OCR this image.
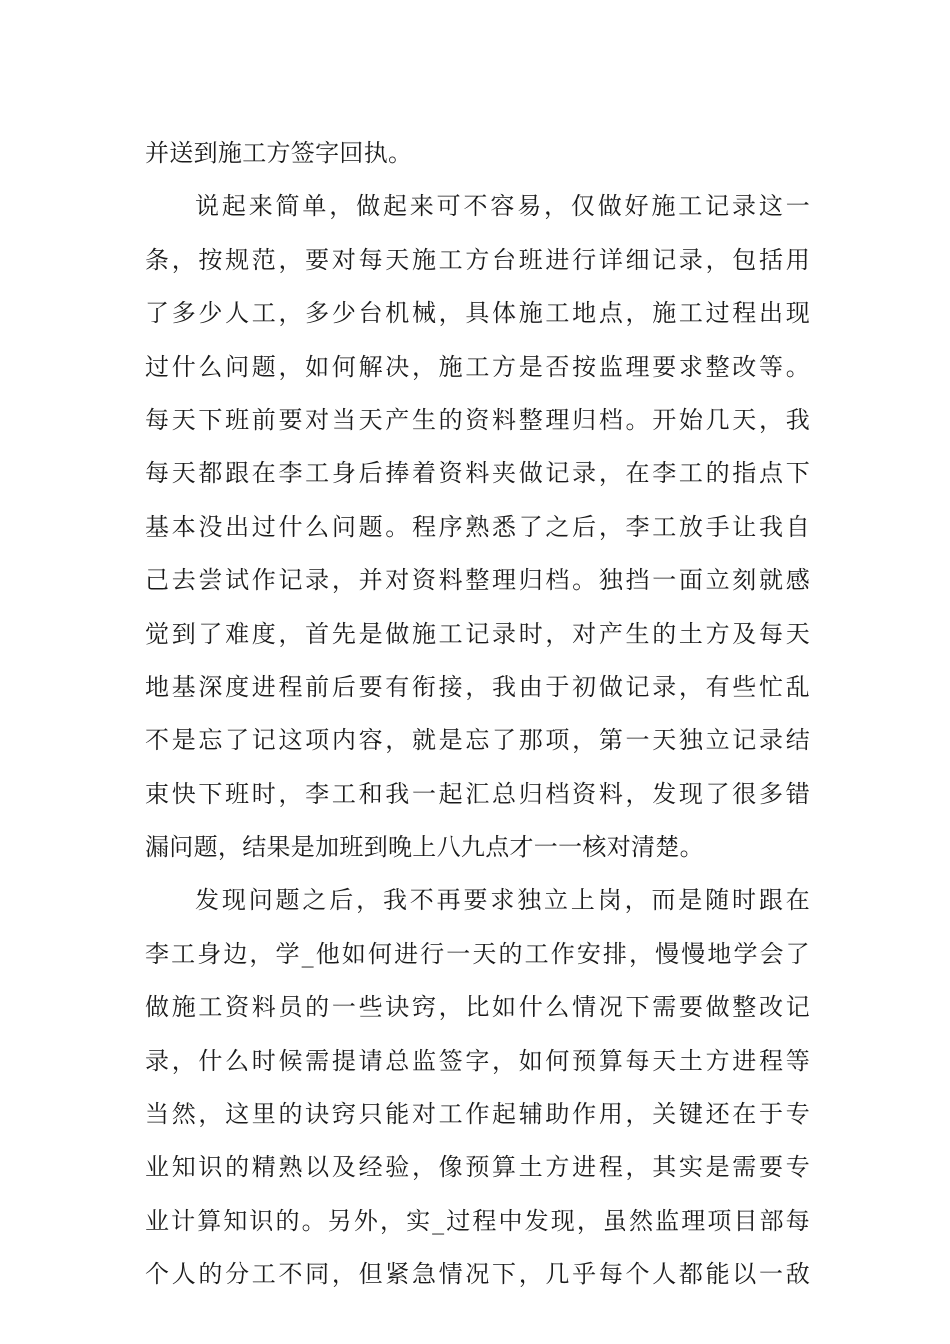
并送到施工方签字回执。
说起来简单，做起来可不容易，仅做好施工记录这一
条，按规范，要对每天施工方台班进行详细记录，包括用
了多少人工，多少台机械，具体施工地点，施工过程出现
过什么问题，如何解决，施工方是否按监理要求整改等。
每天下班前要对当天产生的资料整理归档。开始几天，我
每天都跟在李工身后捧着资料夹做记录，在李工的指点下
基本没出过什么问题。程序熟悉了之后，李工放手让我自
己去尝试作记录，并对资料整理归档。独挡一面立刻就感
觉到了难度，首先是做施工记录时，对产生的土方及每天
地基深度进程前后要有衔接，我由于初做记录，有些忙乱
不是忘了记这项内容，就是忘了那项，第一天独立记录结
束快下班时，李工和我一起汇总归档资料，发现了很多错
漏问题，结果是加班到晚上八九点才一一核对清楚。
发现问题之后，我不再要求独立上岗，而是随时跟在
李工身边，学_他如何进行一天的工作安排，慢慢地学会了
做施工资料员的一些诀窍，比如什么情况下需要做整改记
录，什么时候需提请总监签字，如何预算每天土方进程等
当然，这里的诀窍只能对工作起辅助作用，关键还在于专
业知识的精熟以及经验，像预算土方进程，其实是需要专
业计算知识的。另外，实_过程中发现，虽然监理项目部每
个人的分工不同，但紧急情况下，几乎每个人都能以一敌
